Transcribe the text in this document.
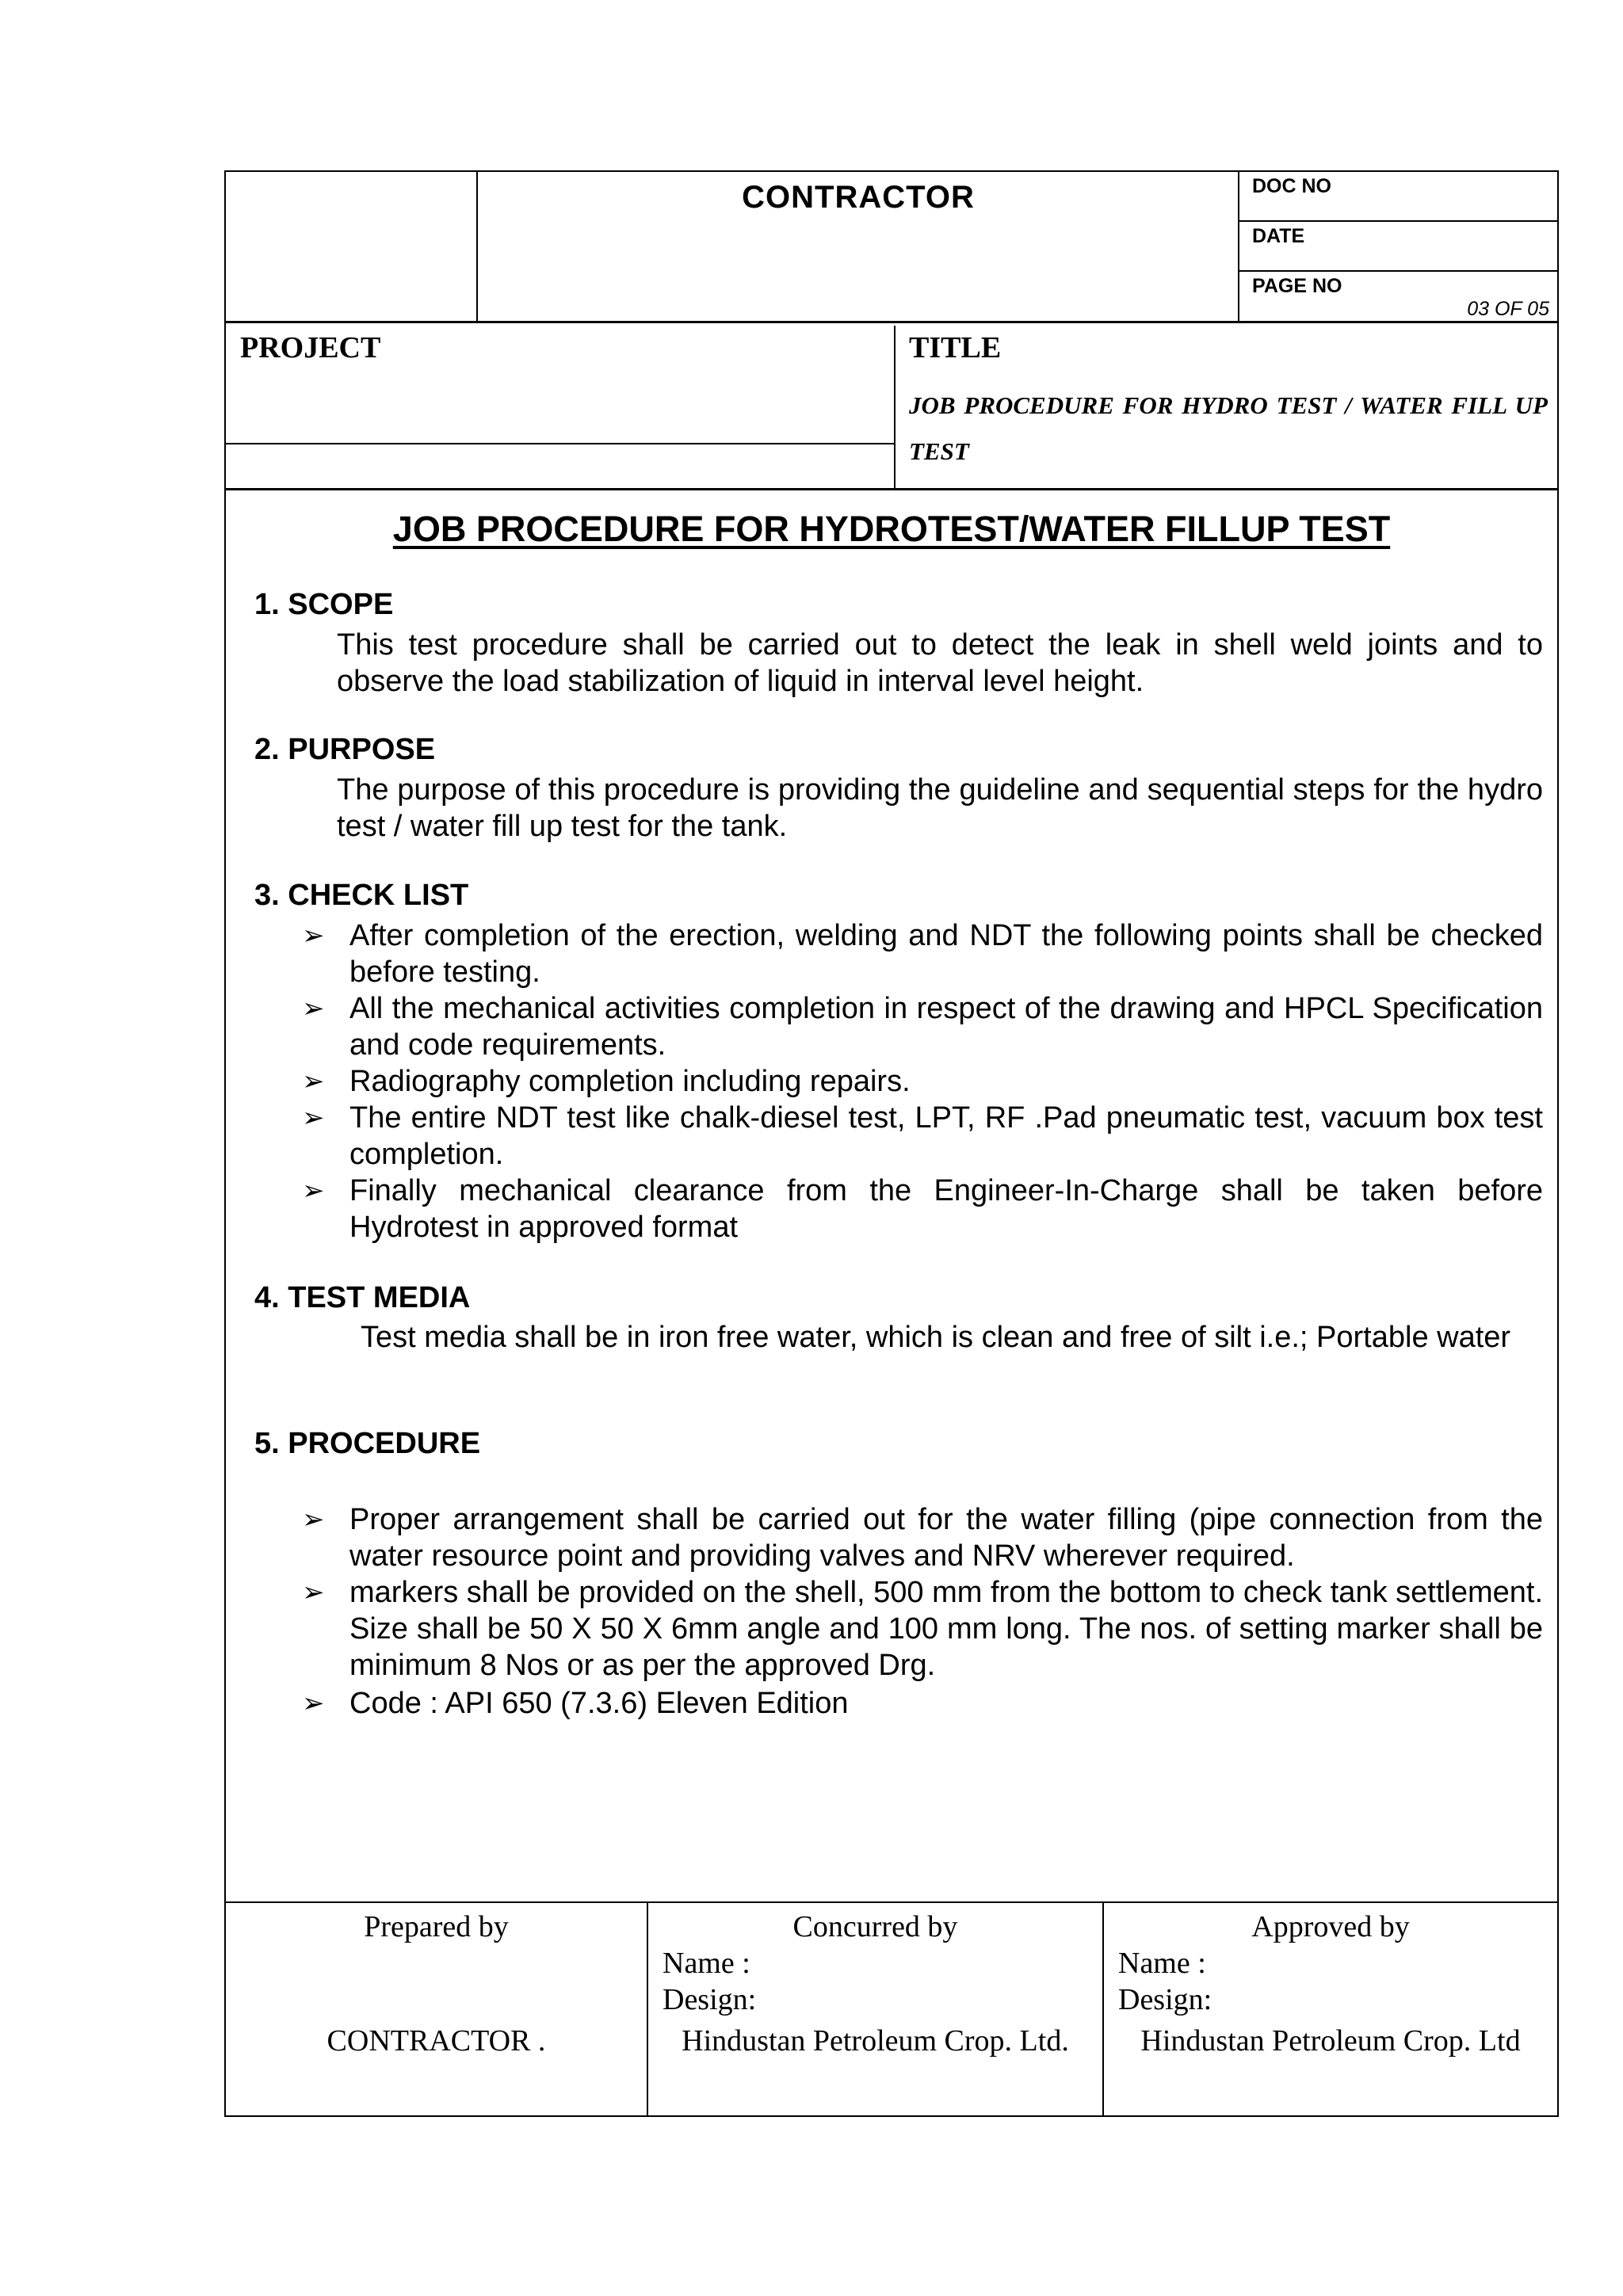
CONTRACTOR	DOC NO
DATE
PAGE NO
03 OF 05
PROJECT	TITLE
JOB PROCEDURE FOR HYDRO TEST / WATER FILL UP TEST
JOB PROCEDURE FOR HYDROTEST/WATER FILLUP TEST
1. SCOPE
This test procedure shall be carried out to detect the leak in shell weld joints and to observe the load stabilization of liquid in interval level height.
2. PURPOSE
The purpose of this procedure is providing the guideline and sequential steps for the hydro test / water fill up test for the tank.
3. CHECK LIST
➢ After completion of the erection, welding and NDT the following points shall be checked before testing.
➢ All the mechanical activities completion in respect of the drawing and HPCL Specification and code requirements.
➢ Radiography completion including repairs.
➢ The entire NDT test like chalk-diesel test, LPT, RF .Pad pneumatic test, vacuum box test completion.
➢ Finally mechanical clearance from the Engineer-In-Charge shall be taken before Hydrotest in approved format
4. TEST MEDIA
Test media shall be in iron free water, which is clean and free of silt i.e.; Portable water
5. PROCEDURE
➢ Proper arrangement shall be carried out for the water filling (pipe connection from the water resource point and providing valves and NRV wherever required.
➢ markers shall be provided on the shell, 500 mm from the bottom to check tank settlement. Size shall be 50 X 50 X 6mm angle and 100 mm long. The nos. of setting marker shall be minimum 8 Nos or as per the approved Drg.
➢ Code : API 650 (7.3.6) Eleven Edition
Prepared by
CONTRACTOR .
Concurred by
Name :
Design:
Hindustan Petroleum Crop. Ltd.
Approved by
Name :
Design:
Hindustan Petroleum Crop. Ltd
